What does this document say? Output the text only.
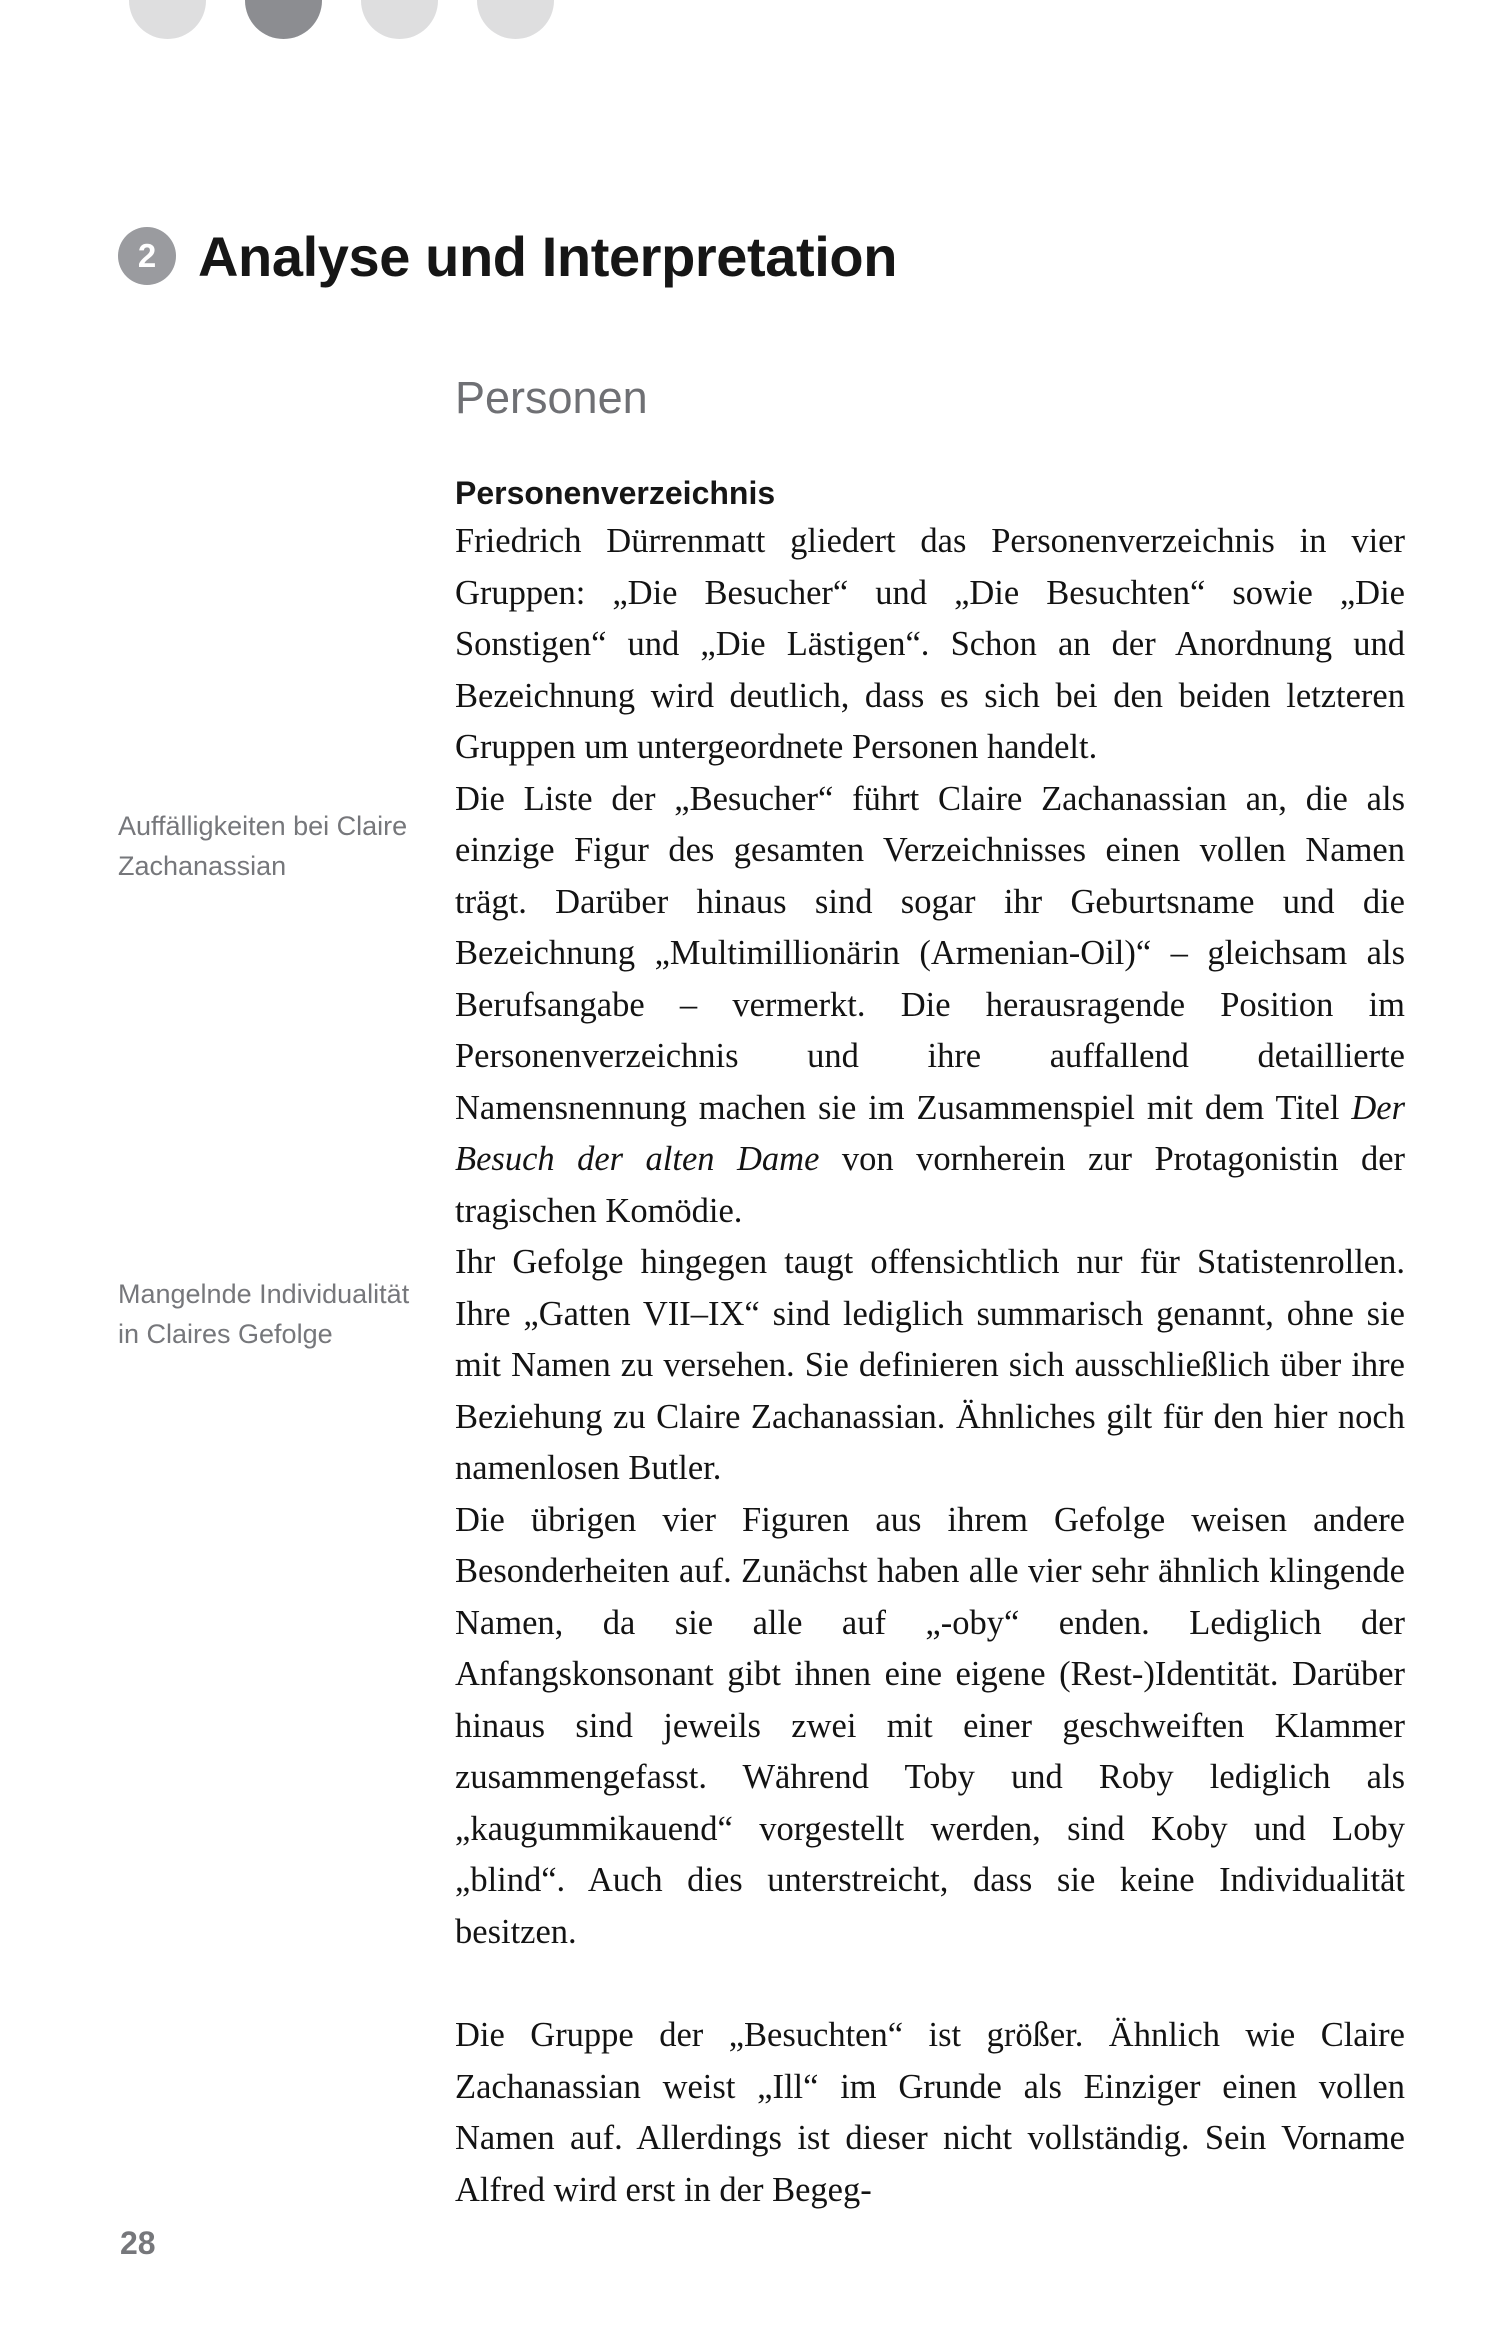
2 Analyse und Interpretation
Personen
Personenverzeichnis
Auffälligkeiten bei Claire Zachanassian
Mangelnde Individualität in Claires Gefolge

Friedrich Dürrenmatt gliedert das Personenverzeichnis in vier Gruppen: „Die Besucher“ und „Die Besuchten“ sowie „Die Sonstigen“ und „Die Lästigen“. Schon an der Anordnung und Bezeichnung wird deutlich, dass es sich bei den beiden letzteren Gruppen um untergeordnete Personen handelt.

Die Liste der „Besucher“ führt Claire Zachanassian an, die als einzige Figur des gesamten Verzeichnisses einen vollen Namen trägt. Darüber hinaus sind sogar ihr Geburtsname und die Bezeichnung „Multimillionärin (Armenian-Oil)“ – gleichsam als Berufsangabe – vermerkt. Die herausragende Position im Personenverzeichnis und ihre auffallend detaillierte Namensnennung machen sie im Zusammenspiel mit dem Titel Der Besuch der alten Dame von vornherein zur Protagonistin der tragischen Komödie.

Ihr Gefolge hingegen taugt offensichtlich nur für Statistenrollen. Ihre „Gatten VII–IX“ sind lediglich summarisch genannt, ohne sie mit Namen zu versehen. Sie definieren sich ausschließlich über ihre Beziehung zu Claire Zachanassian. Ähnliches gilt für den hier noch namenlosen Butler.

Die übrigen vier Figuren aus ihrem Gefolge weisen andere Besonderheiten auf. Zunächst haben alle vier sehr ähnlich klingende Namen, da sie alle auf „-oby“ enden. Lediglich der Anfangskonsonant gibt ihnen eine eigene (Rest-)Identität. Darüber hinaus sind jeweils zwei mit einer geschweiften Klammer zusammengefasst. Während Toby und Roby lediglich als „kaugummikauend“ vorgestellt werden, sind Koby und Loby „blind“. Auch dies unterstreicht, dass sie keine Individualität besitzen.

Die Gruppe der „Besuchten“ ist größer. Ähnlich wie Claire Zachanassian weist „Ill“ im Grunde als Einziger einen vollen Namen auf. Allerdings ist dieser nicht vollständig. Sein Vorname Alfred wird erst in der Begeg-

28
